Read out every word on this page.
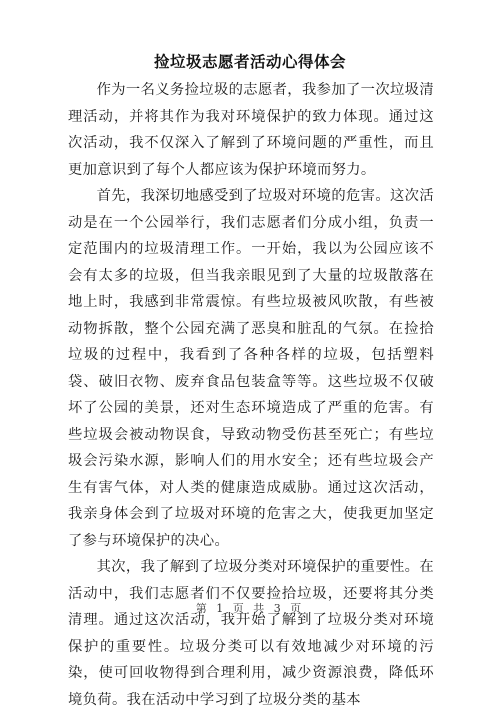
捡垃圾志愿者活动心得体会

作为一名义务捡垃圾的志愿者，我参加了一次垃圾清理活动，并将其作为我对环境保护的致力体现。通过这次活动，我不仅深入了解到了环境问题的严重性，而且更加意识到了每个人都应该为保护环境而努力。

首先，我深切地感受到了垃圾对环境的危害。这次活动是在一个公园举行，我们志愿者们分成小组，负责一定范围内的垃圾清理工作。一开始，我以为公园应该不会有太多的垃圾，但当我亲眼见到了大量的垃圾散落在地上时，我感到非常震惊。有些垃圾被风吹散，有些被动物拆散，整个公园充满了恶臭和脏乱的气氛。在捡拾垃圾的过程中，我看到了各种各样的垃圾，包括塑料袋、破旧衣物、废弃食品包装盒等等。这些垃圾不仅破坏了公园的美景，还对生态环境造成了严重的危害。有些垃圾会被动物误食，导致动物受伤甚至死亡；有些垃圾会污染水源，影响人们的用水安全；还有些垃圾会产生有害气体，对人类的健康造成威胁。通过这次活动，我亲身体会到了垃圾对环境的危害之大，使我更加坚定了参与环境保护的决心。

其次，我了解到了垃圾分类对环境保护的重要性。在活动中，我们志愿者们不仅要捡拾垃圾，还要将其分类清理。通过这次活动，我开始了解到了垃圾分类对环境保护的重要性。垃圾分类可以有效地减少对环境的污染，使可回收物得到合理利用，减少资源浪费，降低环境负荷。我在活动中学习到了垃圾分类的基本

第 1 页 共 3 页
